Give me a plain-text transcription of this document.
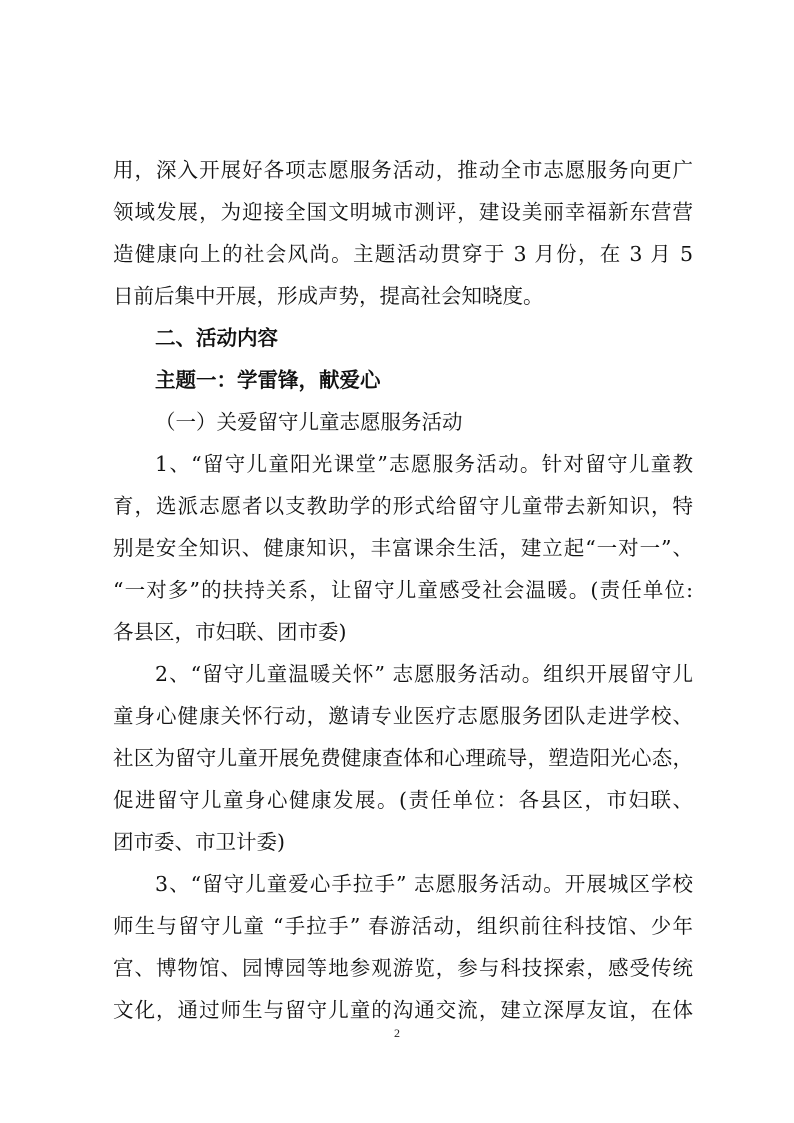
用，深入开展好各项志愿服务活动，推动全市志愿服务向更广
领域发展，为迎接全国文明城市测评，建设美丽幸福新东营营
造健康向上的社会风尚。主题活动贯穿于 3 月份，在 3 月 5
日前后集中开展，形成声势，提高社会知晓度。
二、活动内容
主题一：学雷锋，献爱心
（一）关爱留守儿童志愿服务活动
1、“留守儿童阳光课堂”志愿服务活动。针对留守儿童教
育，选派志愿者以支教助学的形式给留守儿童带去新知识，特
别是安全知识、健康知识，丰富课余生活，建立起“一对一”、
“一对多”的扶持关系，让留守儿童感受社会温暖。(责任单位:
各县区，市妇联、团市委)
2、“留守儿童温暖关怀” 志愿服务活动。组织开展留守儿
童身心健康关怀行动，邀请专业医疗志愿服务团队走进学校、
社区为留守儿童开展免费健康查体和心理疏导，塑造阳光心态，
促进留守儿童身心健康发展。(责任单位：各县区，市妇联、
团市委、市卫计委)
3、“留守儿童爱心手拉手” 志愿服务活动。开展城区学校
师生与留守儿童 “手拉手” 春游活动，组织前往科技馆、少年
宫、博物馆、园博园等地参观游览，参与科技探索，感受传统
文化，通过师生与留守儿童的沟通交流，建立深厚友谊，在体
2
